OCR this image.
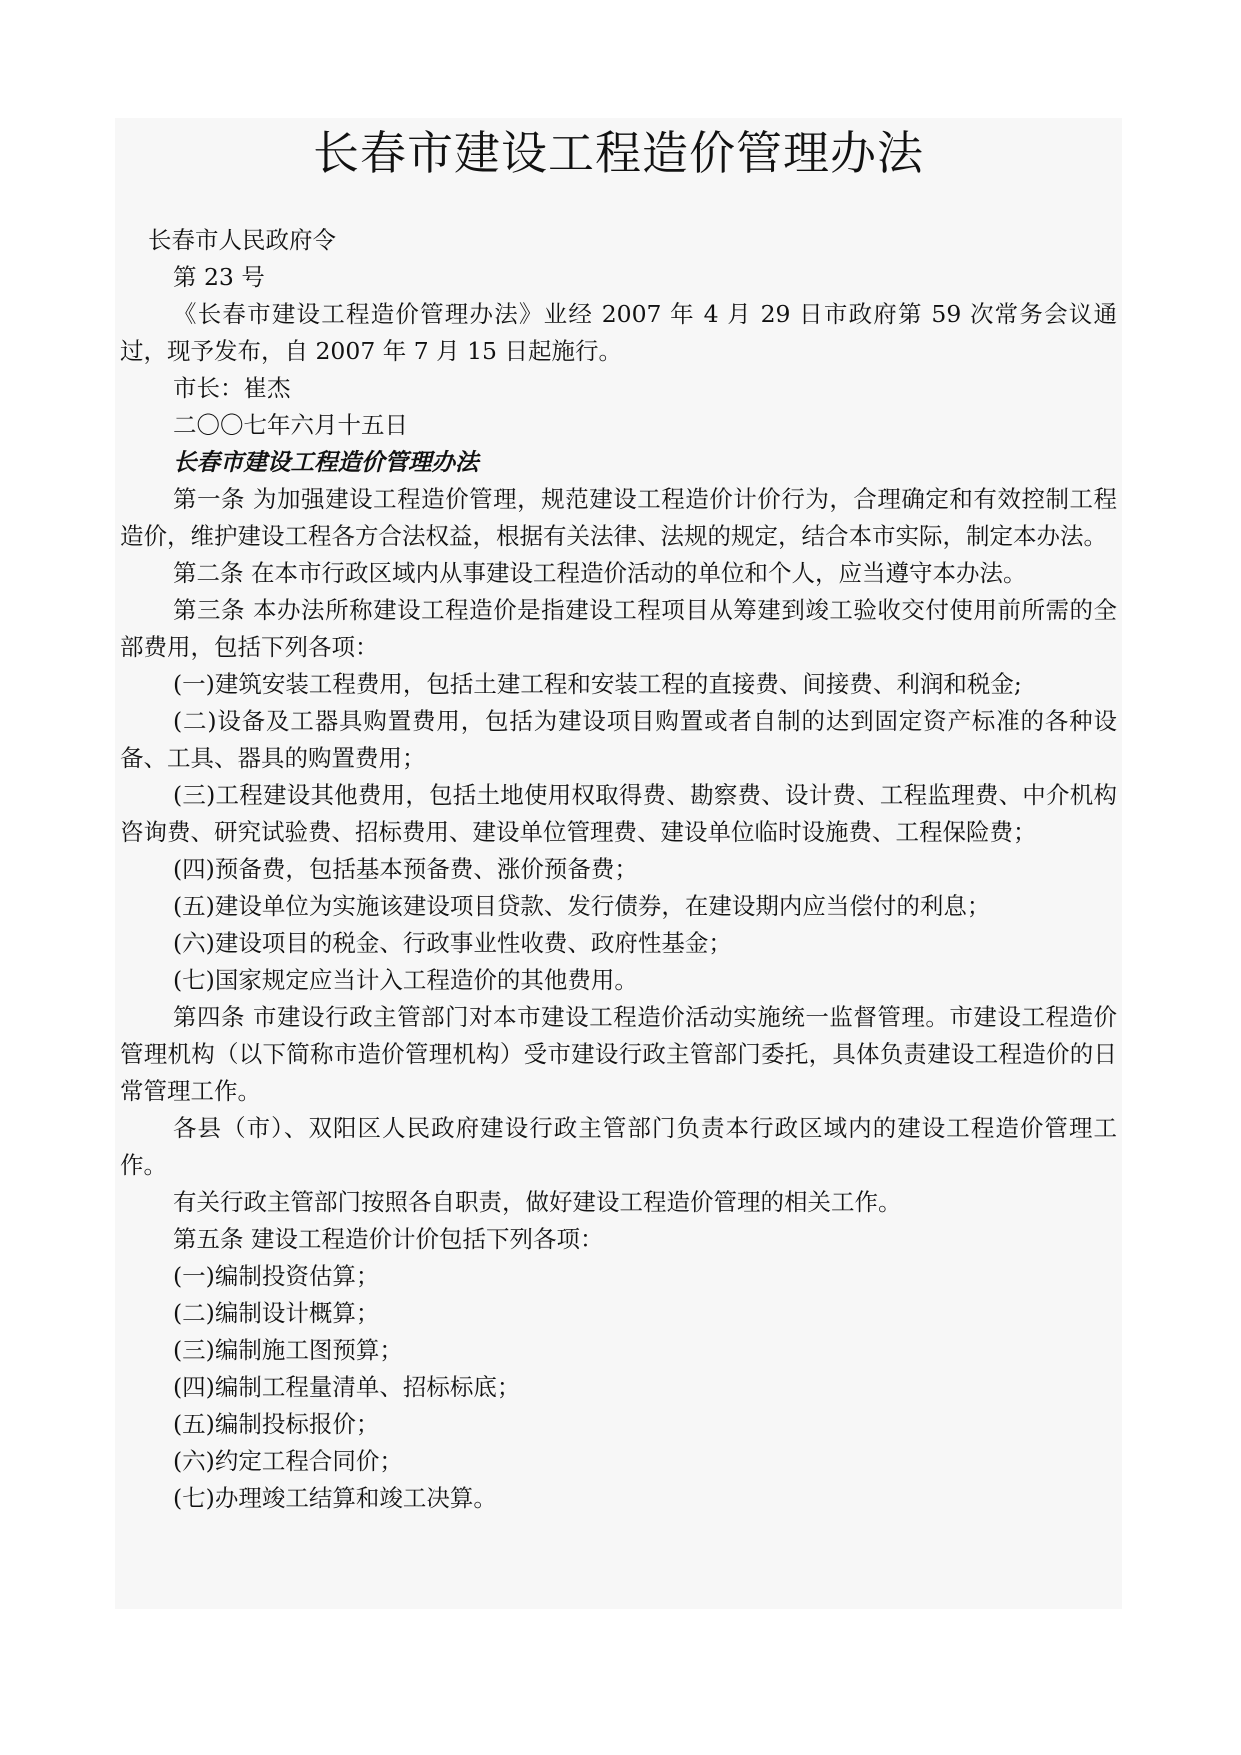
长春市建设工程造价管理办法

长春市人民政府令

第 23 号

《长春市建设工程造价管理办法》业经 2007 年 4 月 29 日市政府第 59 次常务会议通过，现予发布，自 2007 年 7 月 15 日起施行。

市长：崔杰

二〇〇七年六月十五日

长春市建设工程造价管理办法

第一条 为加强建设工程造价管理，规范建设工程造价计价行为，合理确定和有效控制工程造价，维护建设工程各方合法权益，根据有关法律、法规的规定，结合本市实际，制定本办法。

第二条 在本市行政区域内从事建设工程造价活动的单位和个人，应当遵守本办法。

第三条 本办法所称建设工程造价是指建设工程项目从筹建到竣工验收交付使用前所需的全部费用，包括下列各项：

(一)建筑安装工程费用，包括土建工程和安装工程的直接费、间接费、利润和税金;

(二)设备及工器具购置费用，包括为建设项目购置或者自制的达到固定资产标准的各种设备、工具、器具的购置费用；

(三)工程建设其他费用，包括土地使用权取得费、勘察费、设计费、工程监理费、中介机构咨询费、研究试验费、招标费用、建设单位管理费、建设单位临时设施费、工程保险费；

(四)预备费，包括基本预备费、涨价预备费；

(五)建设单位为实施该建设项目贷款、发行债券，在建设期内应当偿付的利息；

(六)建设项目的税金、行政事业性收费、政府性基金；

(七)国家规定应当计入工程造价的其他费用。

第四条 市建设行政主管部门对本市建设工程造价活动实施统一监督管理。市建设工程造价管理机构（以下简称市造价管理机构）受市建设行政主管部门委托，具体负责建设工程造价的日常管理工作。

各县（市）、双阳区人民政府建设行政主管部门负责本行政区域内的建设工程造价管理工作。

有关行政主管部门按照各自职责，做好建设工程造价管理的相关工作。

第五条 建设工程造价计价包括下列各项：

(一)编制投资估算；

(二)编制设计概算；

(三)编制施工图预算；

(四)编制工程量清单、招标标底；

(五)编制投标报价；

(六)约定工程合同价；

(七)办理竣工结算和竣工决算。
